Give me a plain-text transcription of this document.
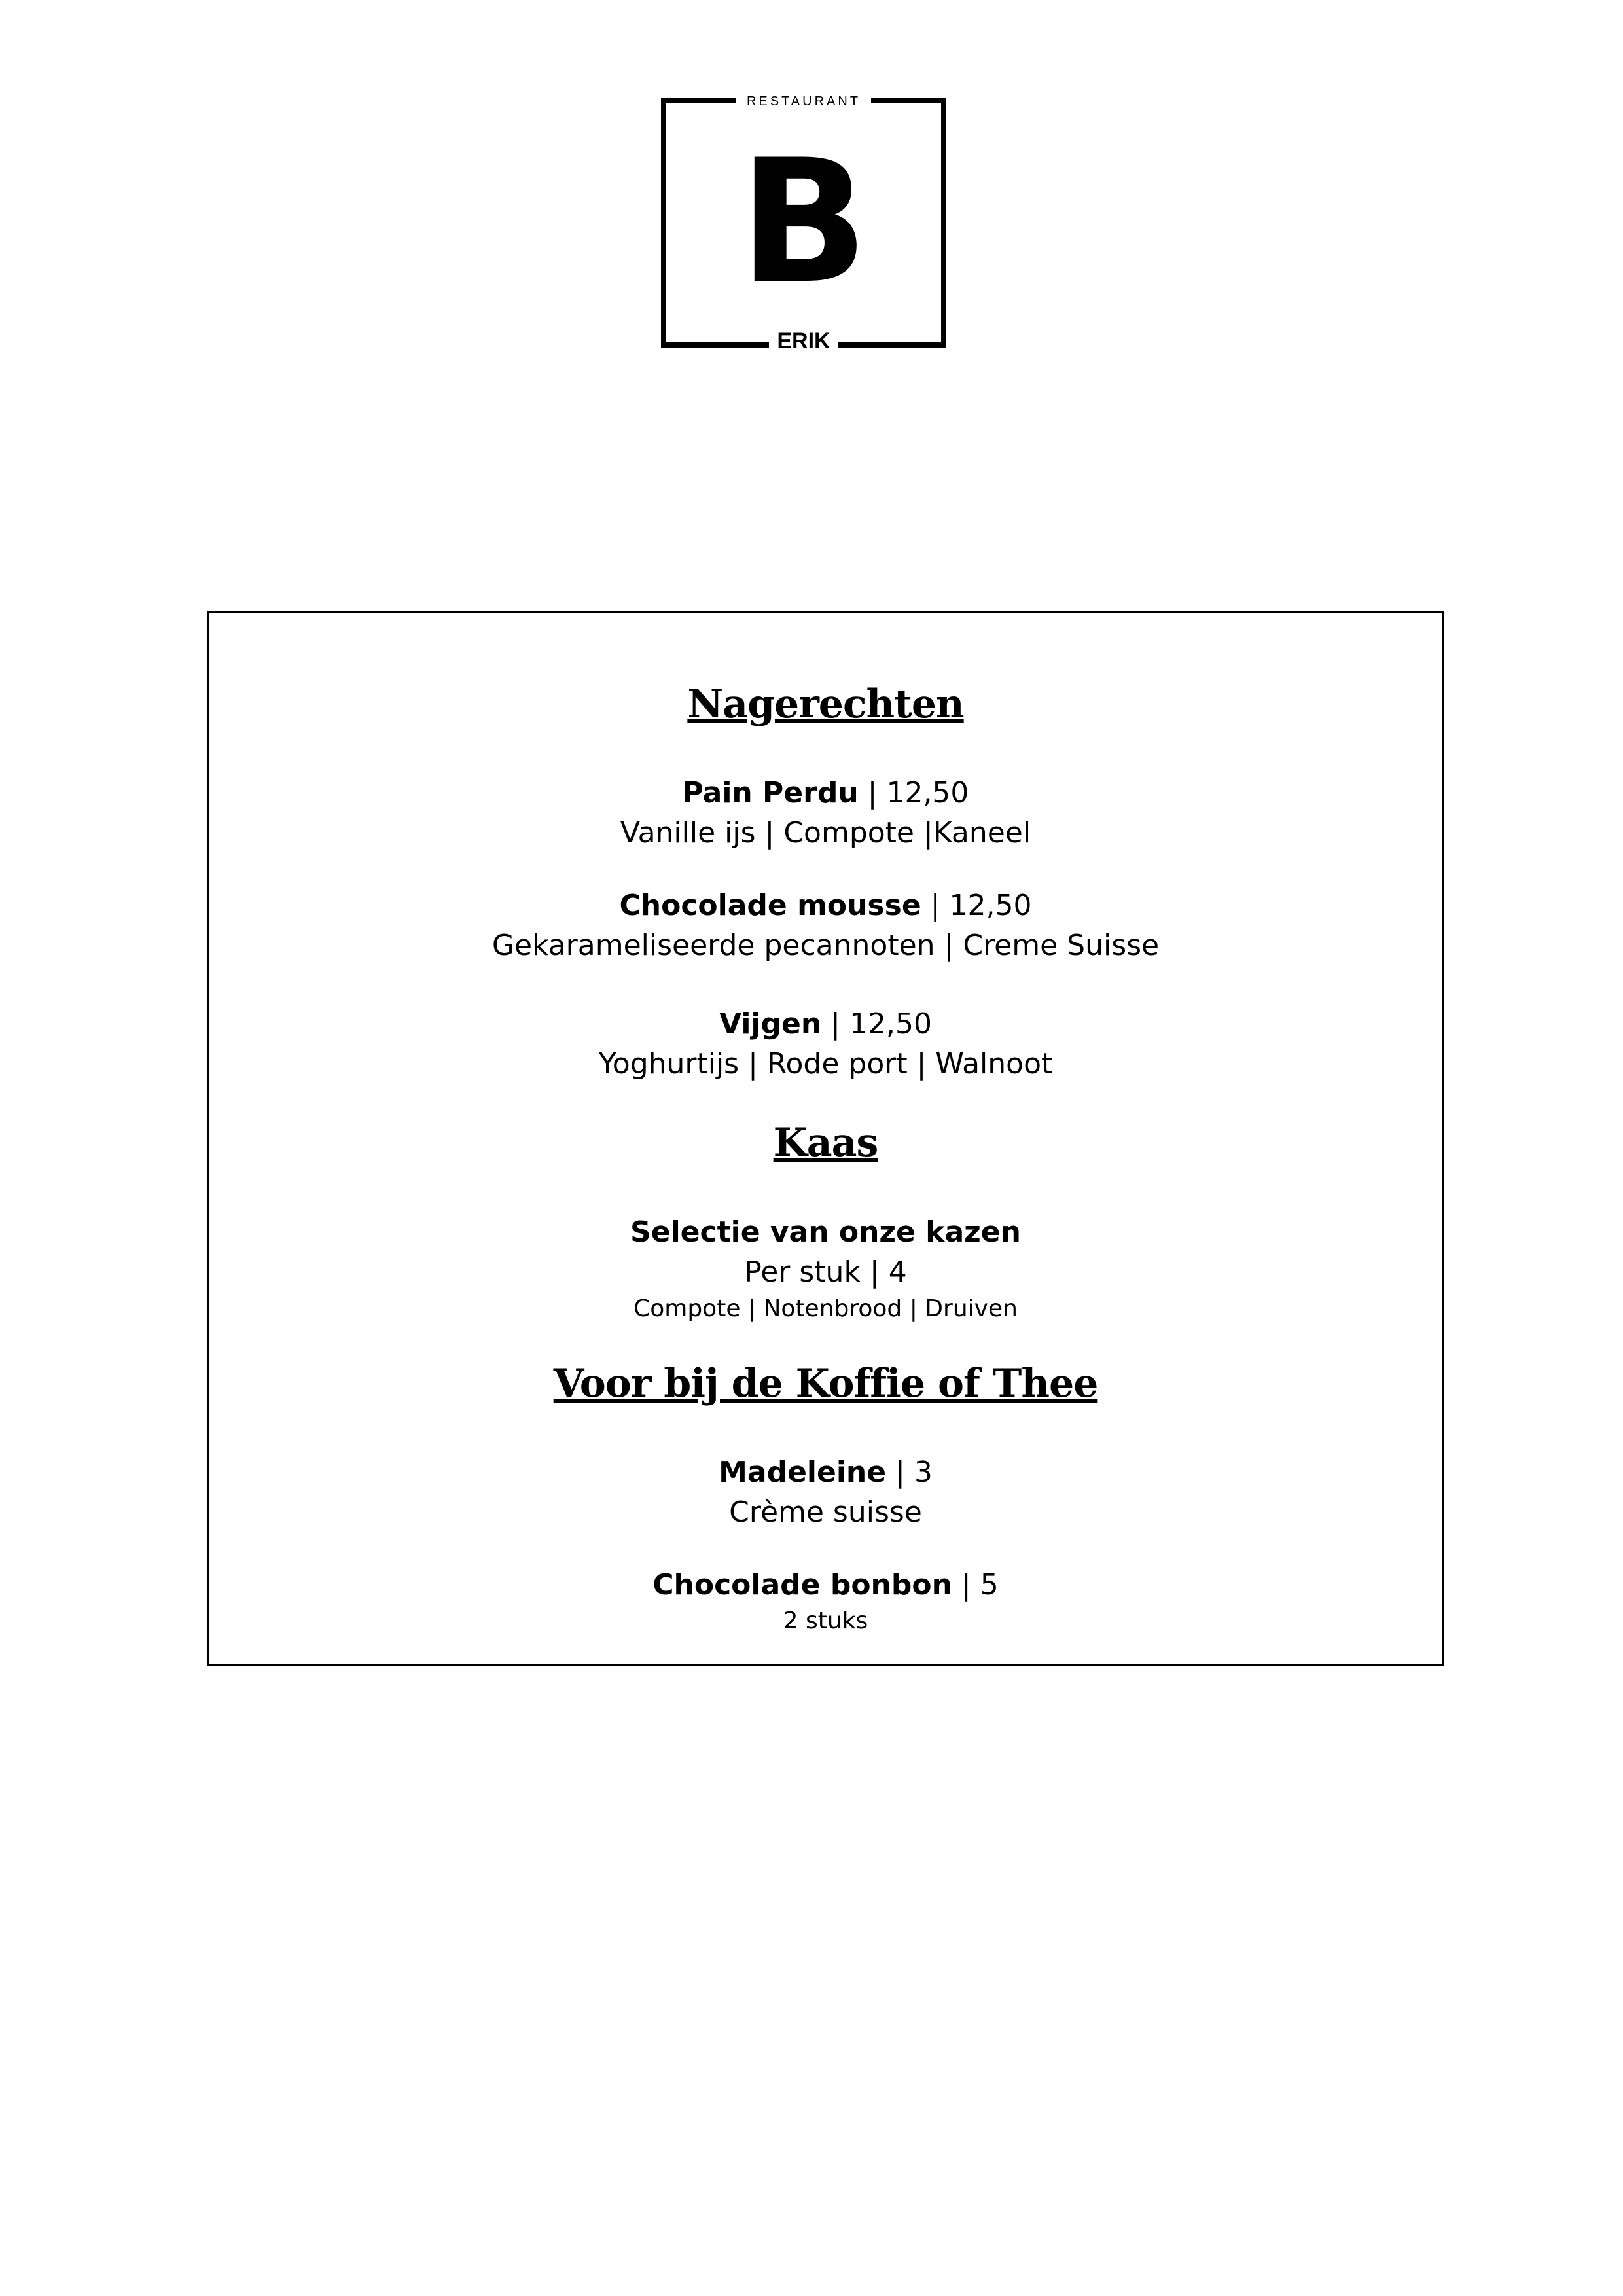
RESTAURANT
B
ERIK
Nagerechten
Pain Perdu | 12,50
Vanille ijs | Compote |Kaneel
Chocolade mousse | 12,50
Gekarameliseerde pecannoten | Creme Suisse
Vijgen | 12,50
Yoghurtijs | Rode port | Walnoot
Kaas
Selectie van onze kazen
Per stuk | 4
Compote | Notenbrood | Druiven
Voor bij de Koffie of Thee
Madeleine | 3
Crème suisse
Chocolade bonbon | 5
2 stuks
